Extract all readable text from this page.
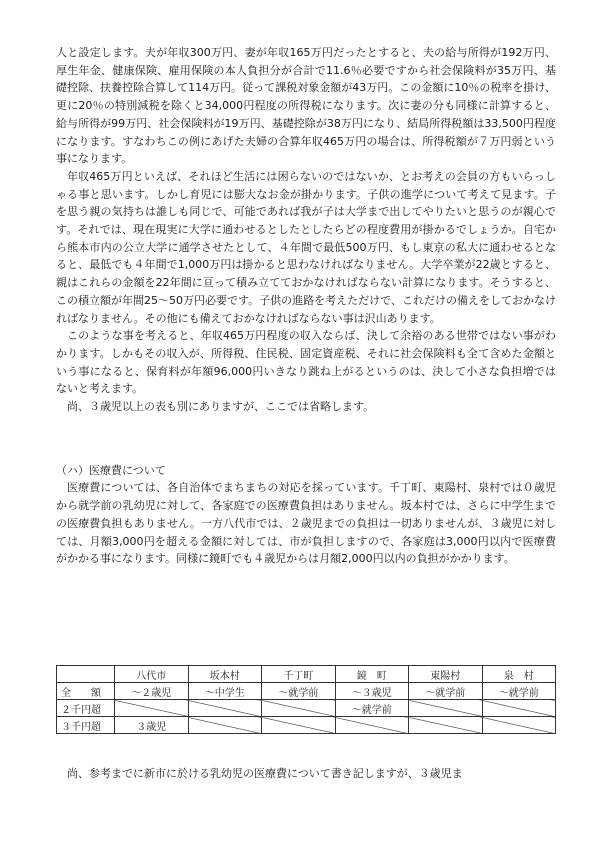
人と設定します。夫が年収300万円、妻が年収165万円だったとすると、夫の給与所得が192万円、厚生年金、健康保険、雇用保険の本人負担分が合計で11.6％必要ですから社会保険料が35万円、基礎控除、扶養控除合算して114万円。従って課税対象金額が43万円。この金額に10％の税率を掛け、更に20％の特別減税を除くと34,000円程度の所得税になります。次に妻の分も同様に計算すると、給与所得が99万円、社会保険料が19万円、基礎控除が38万円になり、結局所得税額は33,500円程度になります。すなわちこの例にあげた夫婦の合算年収465万円の場合は、所得税額が７万円弱という事になります。

年収465万円といえば、それほど生活には困らないのではないか、とお考えの会員の方もいらっしゃる事と思います。しかし育児には膨大なお金が掛かります。子供の進学について考えて見ます。子を思う親の気持ちは誰しも同じで、可能であれば我が子は大学まで出してやりたいと思うのが親心です。それでは、現在現実に大学に通わせるとしたとしたらどの程度費用が掛かるでしょうか。自宅から熊本市内の公立大学に通学させたとして、４年間で最低500万円、もし東京の私大に通わせるとなると、最低でも４年間で1,000万円は掛かると思わなければなりません。大学卒業が22歳とすると、親はこれらの金額を22年間に亘って積み立てておかなければならない計算になります。そうすると、この積立額が年間25～50万円必要です。子供の進路を考えただけで、これだけの備えをしておかなければなりません。その他にも備えておかなければならない事は沢山あります。

このような事を考えると、年収465万円程度の収入ならば、決して余裕のある世帯ではない事がわかります。しかもその収入が、所得税、住民税、固定資産税、それに社会保険料も全て含めた金額という事になると、保育料が年額96,000円いきなり跳ね上がるというのは、決して小さな負担増ではないと考えます。

尚、３歳児以上の表も別にありますが、ここでは省略します。

（ハ）医療費について

医療費については、各自治体でまちまちの対応を採っています。千丁町、東陽村、泉村では０歳児から就学前の乳幼児に対して、各家庭での医療費負担はありません。坂本村では、さらに中学生までの医療費負担もありません。一方八代市では、２歳児までの負担は一切ありませんが、３歳児に対しては、月額3,000円を超える金額に対しては、市が負担しますので、各家庭は3,000円以内で医療費がかかる事になります。同様に鏡町でも４歳児からは月額2,000円以内の負担がかかります。

	八代市	坂本村	千丁町	鏡　町	東陽村	泉　村
全　　額	～２歳児	～中学生	～就学前	～３歳児	～就学前	～就学前
２千円超				～就学前		
３千円超	３歳児					

尚、参考までに新市に於ける乳幼児の医療費について書き記しますが、３歳児ま
